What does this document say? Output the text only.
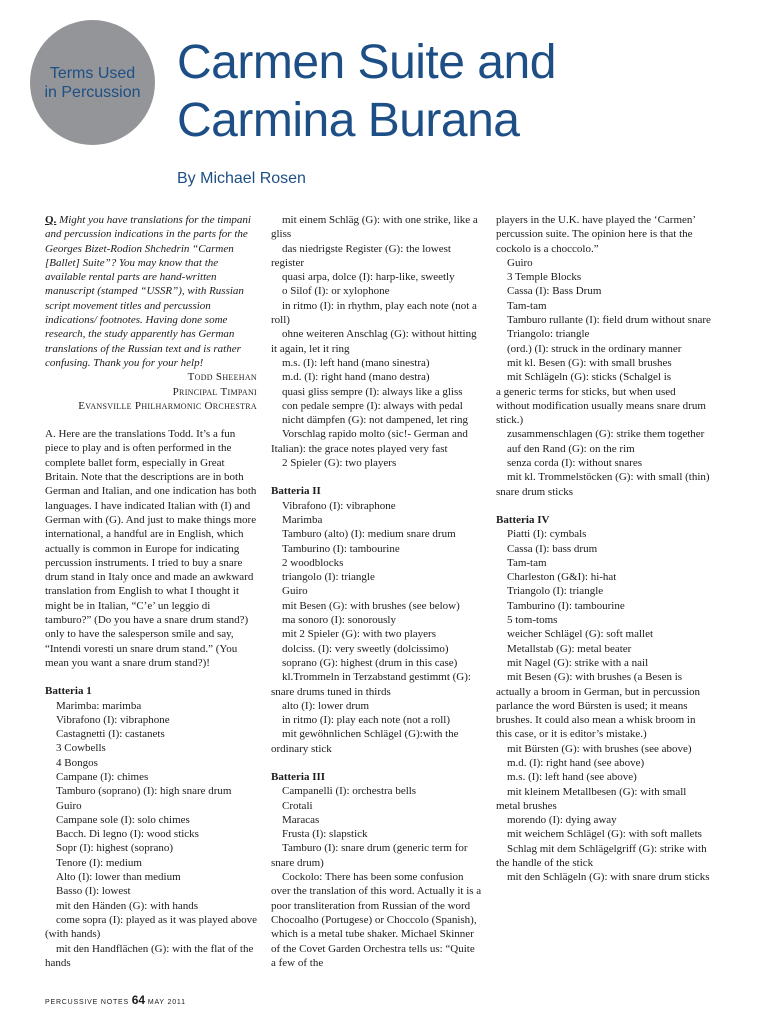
Terms Used
in Percussion
Carmen Suite and
Carmina Burana
By Michael Rosen

Q. Might you have translations for the timpani and percussion indications in the parts for the Georges Bizet-Rodion Shchedrin “Carmen [Ballet] Suite”? You may know that the available rental parts are hand-written manuscript (stamped “USSR”), with Russian script movement titles and percussion indications/ footnotes. Having done some research, the study apparently has German translations of the Russian text and is rather confusing. Thank you for your help!

Todd Sheehan

Principal Timpani

Evansville Philharmonic Orchestra

A. Here are the translations Todd. It’s a fun piece to play and is often performed in the complete ballet form, especially in Great Britain. Note that the descriptions are in both German and Italian, and one indication has both languages. I have indicated Italian with (I) and German with (G). And just to make things more international, a handful are in English, which actually is common in Europe for indicating percussion instruments. I tried to buy a snare drum stand in Italy once and made an awkward translation from English to what I thought it might be in Italian, “C’e’ un leggio di tamburo?” (Do you have a snare drum stand?) only to have the salesperson smile and say, “Intendi voresti un snare drum stand.” (You mean you want a snare drum stand?)!

Batteria 1

Marimba: marimba

Vibrafono (I): vibraphone

Castagnetti (I): castanets

3 Cowbells

4 Bongos

Campane (I): chimes

Tamburo (soprano) (I): high snare drum

Guiro

Campane sole (I): solo chimes

Bacch. Di legno (I): wood sticks

Sopr (I): highest (soprano)

Tenore (I): medium

Alto (I): lower than medium

Basso (I): lowest

mit den Händen (G): with hands

come sopra (I): played as it was played above (with hands)

mit den Handflächen (G): with the flat of the hands

mit einem Schläg (G): with one strike, like a gliss

das niedrigste Register (G): the lowest register

quasi arpa, dolce (I): harp-like, sweetly

o Silof (I): or xylophone

in ritmo (I): in rhythm, play each note (not a roll)

ohne weiteren Anschlag (G): without hitting it again, let it ring

m.s. (I): left hand (mano sinestra)

m.d. (I): right hand (mano destra)

quasi gliss sempre (I): always like a gliss

con pedale sempre (I): always with pedal

nicht dämpfen (G): not dampened, let ring

Vorschlag rapido molto (sic!- German and Italian): the grace notes played very fast

2 Spieler (G): two players

Batteria II

Vibrafono (I): vibraphone

Marimba

Tamburo (alto) (I): medium snare drum

Tamburino (I): tambourine

2 woodblocks

triangolo (I): triangle

Guiro

mit Besen (G): with brushes (see below)

ma sonoro (I): sonorously

mit 2 Spieler (G): with two players

dolciss. (I): very sweetly (dolcissimo)

soprano (G): highest (drum in this case)

kl.Trommeln in Terzabstand gestimmt (G): snare drums tuned in thirds

alto (I): lower drum

in ritmo (I): play each note (not a roll)

mit gewöhnlichen Schlägel (G):with the ordinary stick

Batteria III

Campanelli (I): orchestra bells

Crotali

Maracas

Frusta (I): slapstick

Tamburo (I): snare drum (generic term for snare drum)

Cockolo: There has been some confusion over the translation of this word. Actually it is a poor transliteration from Russian of the word Chocoalho (Portugese) or Choccolo (Spanish), which is a metal tube shaker. Michael Skinner of the Covet Garden Orchestra tells us: “Quite a few of the

players in the U.K. have played the ‘Carmen’ percussion suite. The opinion here is that the cockolo is a choccolo.”

Guiro

3 Temple Blocks

Cassa (I): Bass Drum

Tam-tam

Tamburo rullante (I): field drum without snare

Triangolo: triangle

(ord.) (I): struck in the ordinary manner

mit kl. Besen (G): with small brushes

mit Schlägeln (G): sticks (Schalgel is

a generic terms for sticks, but when used without modification usually means snare drum stick.)

zusammenschlagen (G): strike them together

auf den Rand (G): on the rim

senza corda (I): without snares

mit kl. Trommelstöcken (G): with small (thin) snare drum sticks

Batteria IV

Piatti (I): cymbals

Cassa (I): bass drum

Tam-tam

Charleston (G&I): hi-hat

Triangolo (I): triangle

Tamburino (I): tambourine

5 tom-toms

weicher Schlägel (G): soft mallet

Metallstab (G): metal beater

mit Nagel (G): strike with a nail

mit Besen (G): with brushes (a Besen is actually a broom in German, but in percussion parlance the word Bürsten is used; it means brushes. It could also mean a whisk broom in this case, or it is editor’s mistake.)

mit Bürsten (G): with brushes (see above)

m.d. (I): right hand (see above)

m.s. (I): left hand (see above)

mit kleinem Metallbesen (G): with small metal brushes

morendo (I): dying away

mit weichem Schlägel (G): with soft mallets

Schlag mit dem Schlägelgriff (G): strike with the handle of the stick

mit den Schlägeln (G): with snare drum sticks

PERCUSSIVE NOTES 64 MAY 2011
